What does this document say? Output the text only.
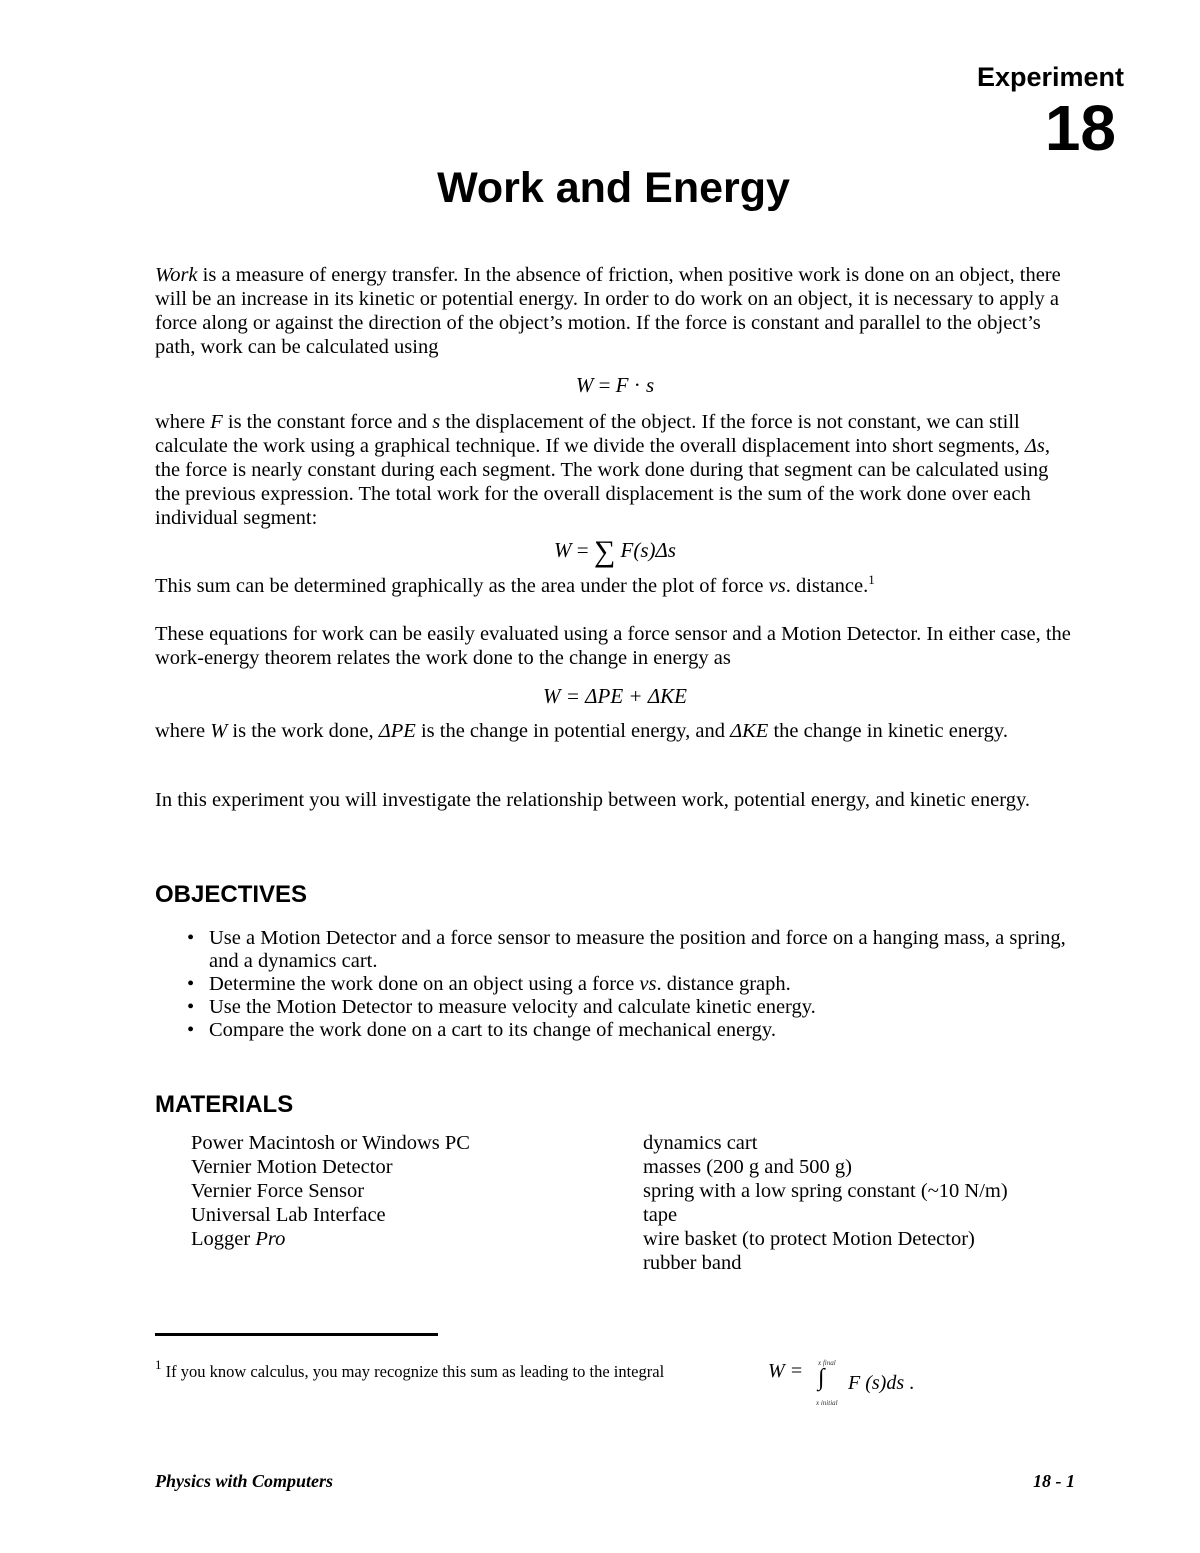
Experiment
18
Work and Energy
Work is a measure of energy transfer. In the absence of friction, when positive work is done on an object, there will be an increase in its kinetic or potential energy. In order to do work on an object, it is necessary to apply a force along or against the direction of the object’s motion. If the force is constant and parallel to the object’s path, work can be calculated using
W = F · s
where F is the constant force and s the displacement of the object. If the force is not constant, we can still calculate the work using a graphical technique. If we divide the overall displacement into short segments, Δs, the force is nearly constant during each segment. The work done during that segment can be calculated using the previous expression. The total work for the overall displacement is the sum of the work done over each individual segment:
W = ∑ F(s)Δs
This sum can be determined graphically as the area under the plot of force vs. distance.$^1$
These equations for work can be easily evaluated using a force sensor and a Motion Detector. In either case, the work-energy theorem relates the work done to the change in energy as
W = ΔPE + ΔKE
where W is the work done, ΔPE is the change in potential energy, and ΔKE the change in kinetic energy.
In this experiment you will investigate the relationship between work, potential energy, and kinetic energy.
OBJECTIVES
• Use a Motion Detector and a force sensor to measure the position and force on a hanging mass, a spring, and a dynamics cart.
• Determine the work done on an object using a force vs. distance graph.
• Use the Motion Detector to measure velocity and calculate kinetic energy.
• Compare the work done on a cart to its change of mechanical energy.
MATERIALS
Power Macintosh or Windows PC
Vernier Motion Detector
Vernier Force Sensor
Universal Lab Interface
Logger Pro
dynamics cart
masses (200 g and 500 g)
spring with a low spring constant (~10 N/m)
tape
wire basket (to protect Motion Detector)
rubber band
$^1$ If you know calculus, you may recognize this sum as leading to the integral	W = x final
∫
x initial
F (s)ds .
Physics with Computers	18 - 1
